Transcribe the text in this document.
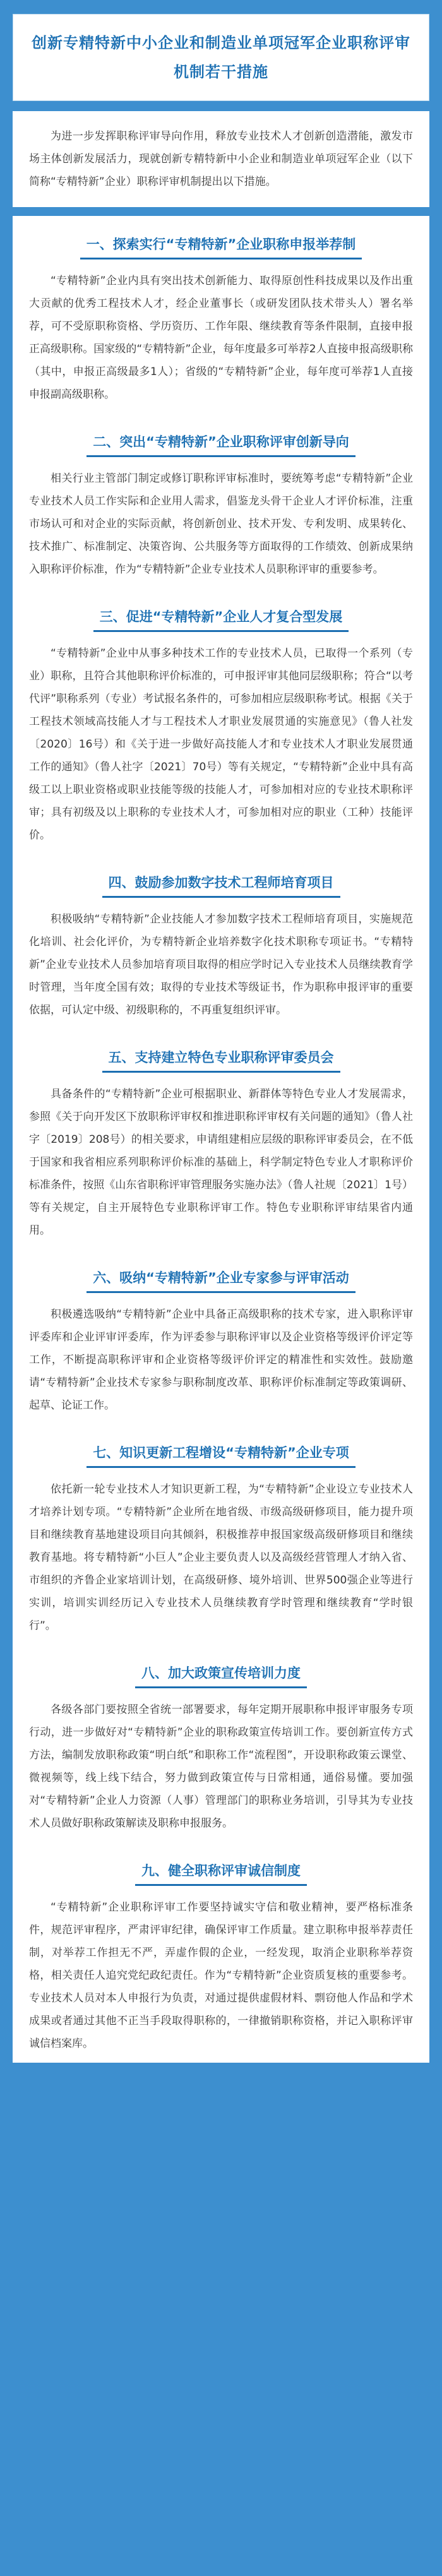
创新专精特新中小企业和制造业单项冠军企业职称评审机制若干措施

为进一步发挥职称评审导向作用，释放专业技术人才创新创造潜能，激发市场主体创新发展活力，现就创新专精特新中小企业和制造业单项冠军企业（以下简称“专精特新”企业）职称评审机制提出以下措施。

一、探索实行“专精特新”企业职称申报举荐制

“专精特新”企业内具有突出技术创新能力、取得原创性科技成果以及作出重大贡献的优秀工程技术人才，经企业董事长（或研发团队技术带头人）署名举荐，可不受原职称资格、学历资历、工作年限、继续教育等条件限制，直接申报正高级职称。国家级的“专精特新”企业，每年度最多可举荐2人直接申报高级职称（其中，申报正高级最多1人）；省级的“专精特新”企业，每年度可举荐1人直接申报副高级职称。

二、突出“专精特新”企业职称评审创新导向

相关行业主管部门制定或修订职称评审标准时，要统筹考虑“专精特新”企业专业技术人员工作实际和企业用人需求，倡鉴龙头骨干企业人才评价标准，注重市场认可和对企业的实际贡献，将创新创业、技术开发、专利发明、成果转化、技术推广、标准制定、决策咨询、公共服务等方面取得的工作绩效、创新成果纳入职称评价标准，作为“专精特新”企业专业技术人员职称评审的重要参考。

三、促进“专精特新”企业人才复合型发展

“专精特新”企业中从事多种技术工作的专业技术人员，已取得一个系列（专业）职称，且符合其他职称评价标准的，可申报评审其他同层级职称；符合“以考代评”职称系列（专业）考试报名条件的，可参加相应层级职称考试。根据《关于工程技术领域高技能人才与工程技术人才职业发展贯通的实施意见》（鲁人社发〔2020〕16号）和《关于进一步做好高技能人才和专业技术人才职业发展贯通工作的通知》（鲁人社字〔2021〕70号）等有关规定，“专精特新”企业中具有高级工以上职业资格或职业技能等级的技能人才，可参加相对应的专业技术职称评审；具有初级及以上职称的专业技术人才，可参加相对应的职业（工种）技能评价。

四、鼓励参加数字技术工程师培育项目

积极吸纳“专精特新”企业技能人才参加数字技术工程师培育项目，实施规范化培训、社会化评价，为专精特新企业培养数字化技术职称专项证书。“专精特新”企业专业技术人员参加培育项目取得的相应学时记入专业技术人员继续教育学时管理，当年度全国有效；取得的专业技术等级证书，作为职称申报评审的重要依据，可认定中级、初级职称的，不再重复组织评审。

五、支持建立特色专业职称评审委员会

具备条件的“专精特新”企业可根据职业、新群体等特色专业人才发展需求，参照《关于向开发区下放职称评审权和推进职称评审权有关问题的通知》（鲁人社字〔2019〕208号）的相关要求，申请组建相应层级的职称评审委员会，在不低于国家和我省相应系列职称评价标准的基础上，科学制定特色专业人才职称评价标准条件，按照《山东省职称评审管理服务实施办法》（鲁人社规〔2021〕1号）等有关规定，自主开展特色专业职称评审工作。特色专业职称评审结果省内通用。

六、吸纳“专精特新”企业专家参与评审活动

积极遴选吸纳“专精特新”企业中具备正高级职称的技术专家，进入职称评审评委库和企业评审评委库，作为评委参与职称评审以及企业资格等级评价评定等工作，不断提高职称评审和企业资格等级评价评定的精准性和实效性。鼓励邀请“专精特新”企业技术专家参与职称制度改革、职称评价标准制定等政策调研、起草、论证工作。

七、知识更新工程增设“专精特新”企业专项

依托新一轮专业技术人才知识更新工程，为“专精特新”企业设立专业技术人才培养计划专项。“专精特新”企业所在地省级、市级高级研修项目，能力提升项目和继续教育基地建设项目向其倾斜，积极推荐申报国家级高级研修项目和继续教育基地。将专精特新“小巨人”企业主要负责人以及高级经营管理人才纳入省、市组织的齐鲁企业家培训计划，在高级研修、境外培训、世界500强企业等进行实训，培训实训经历记入专业技术人员继续教育学时管理和继续教育“学时银行”。

八、加大政策宣传培训力度

各级各部门要按照全省统一部署要求，每年定期开展职称申报评审服务专项行动，进一步做好对“专精特新”企业的职称政策宣传培训工作。要创新宣传方式方法，编制发放职称政策“明白纸”和职称工作“流程图”，开设职称政策云课堂、微视频等，线上线下结合，努力做到政策宣传与日常相通，通俗易懂。要加强对“专精特新”企业人力资源（人事）管理部门的职称业务培训，引导其为专业技术人员做好职称政策解读及职称申报服务。

九、健全职称评审诚信制度

“专精特新”企业职称评审工作要坚持诚实守信和敬业精神，要严格标准条件，规范评审程序，严肃评审纪律，确保评审工作质量。建立职称申报举荐责任制，对举荐工作担无不严，弄虚作假的企业，一经发现，取消企业职称举荐资格，相关责任人追究党纪政纪责任。作为“专精特新”企业资质复核的重要参考。专业技术人员对本人申报行为负责，对通过提供虚假材料、剽窃他人作品和学术成果或者通过其他不正当手段取得职称的，一律撤销职称资格，并记入职称评审诚信档案库。
